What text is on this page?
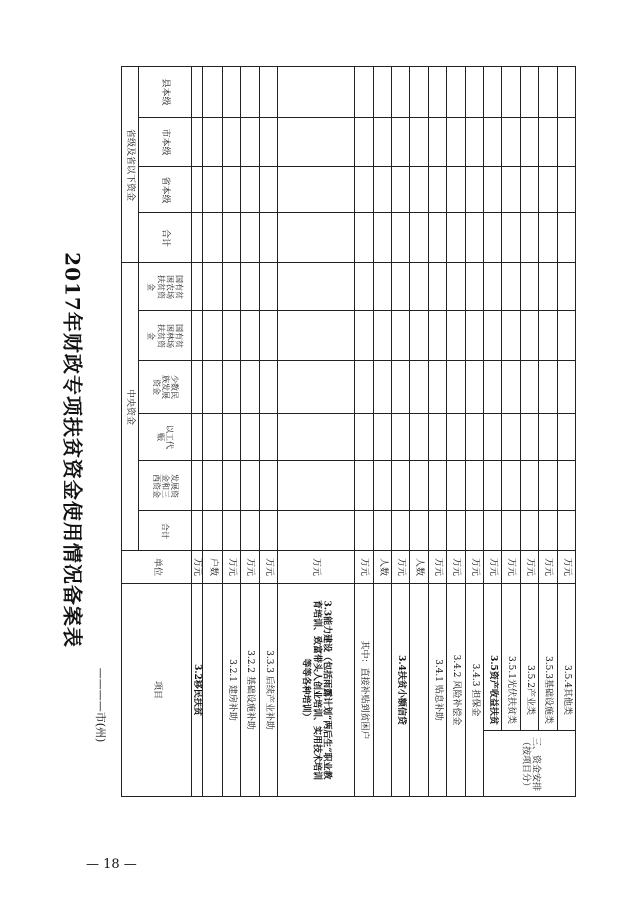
2017年财政专项扶贫资金使用情况备案表
————市(州)
— 18 —
中央资金
国有贫困农场扶贫资金
国有贫困林场扶贫资金
少数民族发展资金
以工代赈
发展资金和三西资金
合计
省级及省以下资金
县本级
市本级
省本级
合计
单位
项目
万元
3.2移民扶贫
户数 万元
3.2.1 建房补助
万元
3.2.2 基础设施补助
万元
3.3.3 后续产业补助
万元
3.3能力建设（包括雨露计划“两后生”职业教育培训、致富带头人创业培训、实用技术培训等等各种培训）
万元
其中：直接补贴到贫困户
人数 万元
3.4扶贫小额信贷
人数 万元
3.4.1 贴息补助
万元
3.4.2 风险补偿金
万元
3.4.3 担保金
万元
3.5资产收益扶贫
万元
3.5.1光伏扶贫类
万元
3.5.2产业类
万元
3.5.3基础设施类
万元
3.5.4其他类
三、资金安排（按项目分）
